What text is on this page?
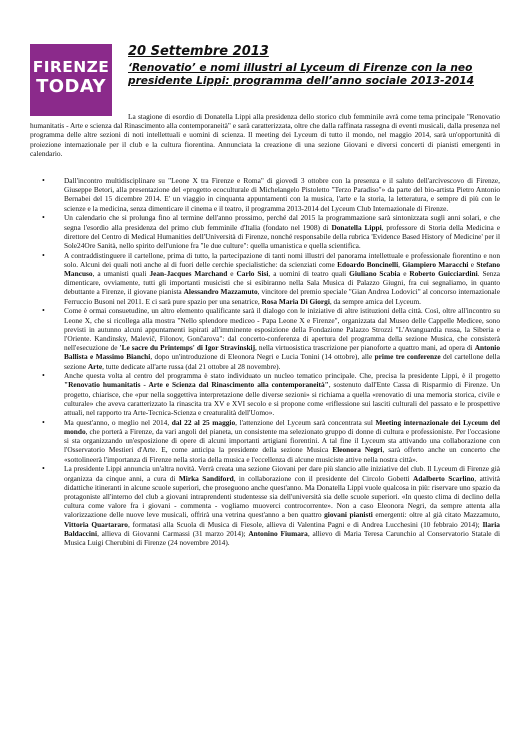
FIRENZE
TODAY
20 Settembre 2013
‘Renovatio’ e nomi illustri al Lyceum di Firenze con la neo presidente Lippi: programma dell’anno sociale 2013-2014
La stagione di esordio di Donatella Lippi alla presidenza dello storico club femminile avrà come tema principale "Renovatio humanitatis - Arte e scienza dal Rinascimento alla contemporaneità" e sarà caratterizzata, oltre che dalla raffinata rassegna di eventi musicali, dalla presenza nel programma delle altre sezioni di noti intellettuali e uomini di scienza. Il meeting dei Lyceum di tutto il mondo, nel maggio 2014, sarà un'opportunità di proiezione internazionale per il club e la cultura fiorentina. Annunciata la creazione di una sezione Giovani e diversi concerti di pianisti emergenti in calendario.
• Dall'incontro multidisciplinare su "Leone X tra Firenze e Roma" di giovedì 3 ottobre con la presenza e il saluto dell'arcivescovo di Firenze, Giuseppe Betori, alla presentazione del «progetto ecoculturale di Michelangelo Pistoletto "Terzo Paradiso"» da parte del bio-artista Pietro Antonio Bernabei del 15 dicembre 2014. E' un viaggio in cinquanta appuntamenti con la musica, l'arte e la storia, la letteratura, e sempre di più con le scienze e la medicina, senza dimenticare il cinema e il teatro, il programma 2013-2014 del Lyceum Club Internazionale di Firenze.
• Un calendario che si prolunga fino al termine dell'anno prossimo, perché dal 2015 la programmazione sarà sintonizzata sugli anni solari, e che segna l'esordio alla presidenza del primo club femminile d'Italia (fondato nel 1908) di Donatella Lippi, professore di Storia della Medicina e direttore del Centro di Medical Humanities dell'Università di Firenze, nonché responsabile della rubrica 'Evidence Based History of Medicine' per il Sole24Ore Sanità, nello spirito dell'unione fra "le due culture": quella umanistica e quella scientifica.
• A contraddistinguere il cartellone, prima di tutto, la partecipazione di tanti nomi illustri del panorama intellettuale e professionale fiorentino e non solo. Alcuni dei quali noti anche al di fuori delle cerchie specialistiche: da scienziati come Edoardo Boncinelli, Giampiero Maracchi e Stefano Mancuso, a umanisti quali Jean-Jacques Marchand e Carlo Sisi, a uomini di teatro quali Giuliano Scabia e Roberto Guicciardini. Senza dimenticare, ovviamente, tutti gli importanti musicisti che si esibiranno nella Sala Musica di Palazzo Giugni, fra cui segnaliamo, in quanto debuttante a Firenze, il giovane pianista Alessandro Mazzamuto, vincitore del premio speciale "Gian Andrea Lodovici" al concorso internazionale Ferruccio Busoni nel 2011. E ci sarà pure spazio per una senatrice, Rosa Maria Di Giorgi, da sempre amica del Lyceum.
• Come è ormai consuetudine, un altro elemento qualificante sarà il dialogo con le iniziative di altre istituzioni della città. Così, oltre all'incontro su Leone X, che si ricollega alla mostra "Nello splendore mediceo - Papa Leone X e Firenze", organizzata dal Museo delle Cappelle Medicee, sono previsti in autunno alcuni appuntamenti ispirati all'imminente esposizione della Fondazione Palazzo Strozzi "L'Avanguardia russa, la Siberia e l'Oriente. Kandinsky, Malevič, Filonov, Gončarova": dal concerto-conferenza di apertura del programma della sezione Musica, che consisterà nell'esecuzione de 'Le sacre du Printemps' di Igor Stravinskij, nella virtuosistica trascrizione per pianoforte a quattro mani, ad opera di Antonio Ballista e Massimo Bianchi, dopo un'introduzione di Eleonora Negri e Lucia Tonini (14 ottobre), alle prime tre conferenze del cartellone della sezione Arte, tutte dedicate all'arte russa (dal 21 ottobre al 28 novembre).
• Anche questa volta al centro del programma è stato individuato un nucleo tematico principale. Che, precisa la presidente Lippi, è il progetto "Renovatio humanitatis - Arte e Scienza dal Rinascimento alla contemporaneità", sostenuto dall'Ente Cassa di Risparmio di Firenze. Un progetto, chiarisce, che «pur nella soggettiva interpretazione delle diverse sezioni» si richiama a quella «renovatio di una memoria storica, civile e culturale» che aveva caratterizzato la rinascita tra XV e XVI secolo e si propone come «riflessione sui lasciti culturali del passato e le prospettive attuali, nel rapporto tra Arte-Tecnica-Scienza e creaturalità dell'Uomo».
• Ma quest'anno, o meglio nel 2014, dal 22 al 25 maggio, l'attenzione del Lyceum sarà concentrata sul Meeting internazionale dei Lyceum del mondo, che porterà a Firenze, da vari angoli del pianeta, un consistente ma selezionato gruppo di donne di cultura e professioniste. Per l'occasione si sta organizzando un'esposizione di opere di alcuni importanti artigiani fiorentini. A tal fine il Lyceum sta attivando una collaborazione con l'Osservatorio Mestieri d'Arte. E, come anticipa la presidente della sezione Musica Eleonora Negri, sarà offerto anche un concerto che «sottolineerà l'importanza di Firenze nella storia della musica e l'eccellenza di alcune musiciste attive nella nostra città».
• La presidente Lippi annuncia un'altra novità. Verrà creata una sezione Giovani per dare più slancio alle iniziative del club. Il Lyceum di Firenze già organizza da cinque anni, a cura di Mirka Sandiford, in collaborazione con il presidente del Circolo Gobetti Adalberto Scarlino, attività didattiche itineranti in alcune scuole superiori, che proseguono anche quest'anno. Ma Donatella Lippi vuole qualcosa in più: riservare uno spazio da protagoniste all'interno del club a giovani intraprendenti studentesse sia dell'università sia delle scuole superiori. «In questo clima di declino della cultura come valore fra i giovani - commenta - vogliamo muoverci controcorrente». Non a caso Eleonora Negri, da sempre attenta alla valorizzazione delle nuove leve musicali, offrirà una vetrina quest'anno a ben quattro giovani pianisti emergenti: oltre al già citato Mazzamuto, Vittoria Quartararo, formatasi alla Scuola di Musica di Fiesole, allieva di Valentina Pagni e di Andrea Lucchesini (10 febbraio 2014); Ilaria Baldaccini, allieva di Giovanni Carmassi (31 marzo 2014); Antonino Fiumara, allievo di Maria Teresa Carunchio al Conservatorio Statale di Musica Luigi Cherubini di Firenze (24 novembre 2014).
